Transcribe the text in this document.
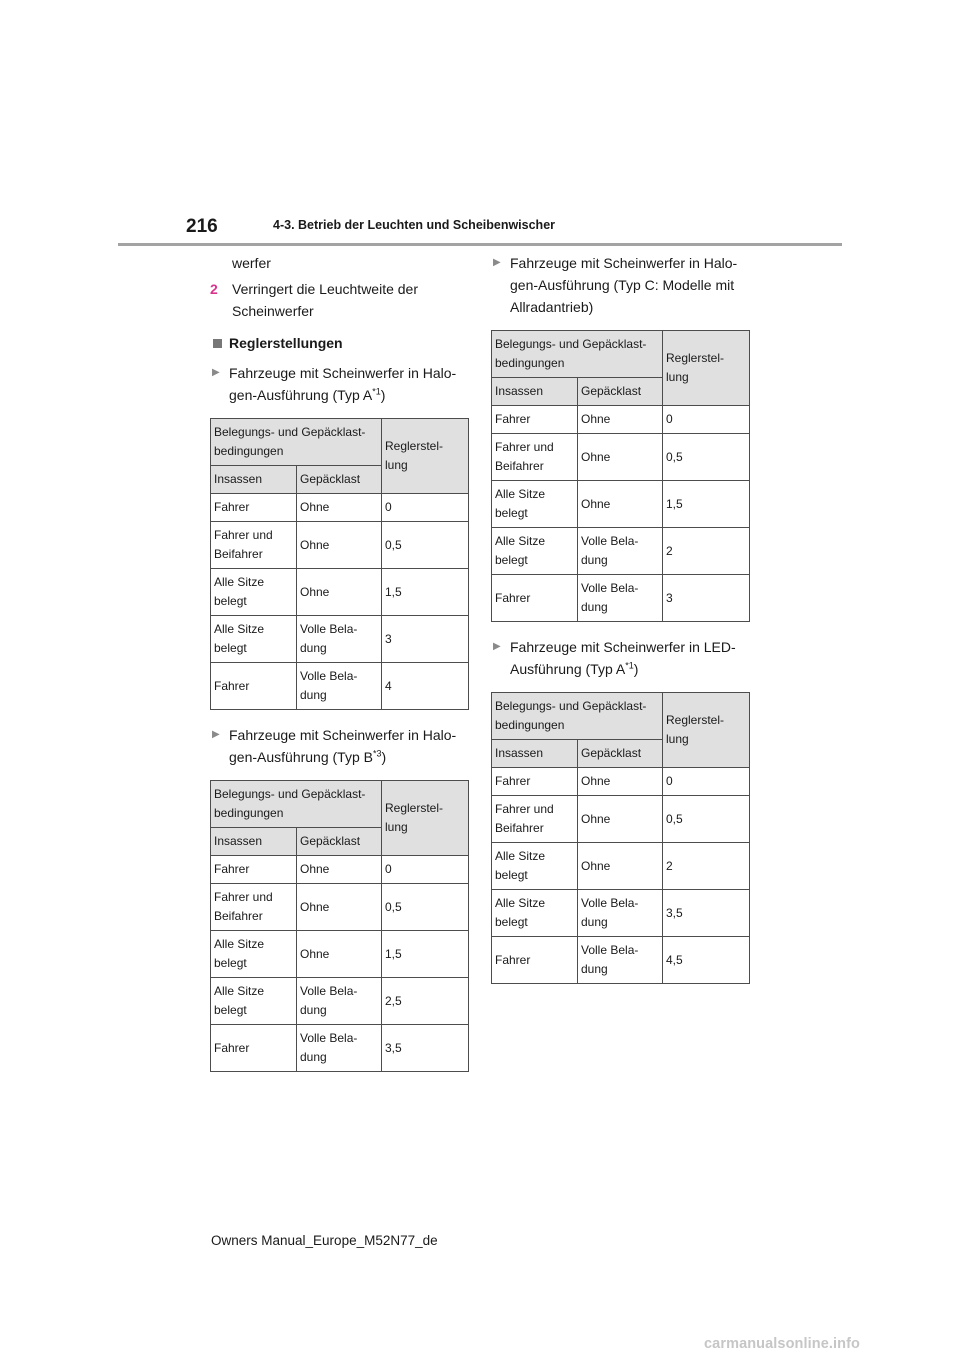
216	4-3. Betrieb der Leuchten und Scheibenwischer
werfer
2	Verringert die Leuchtweite der Scheinwerfer
Reglerstellungen
▶ Fahrzeuge mit Scheinwerfer in Halo-gen-Ausführung (Typ $A^{*1}$)
Belegungs- und Gepäcklast-bedingungen		Reglerstel-lung
Insassen	Gepäcklast	
Fahrer	Ohne	0
Fahrer und Beifahrer	Ohne	0,5
Alle Sitze belegt	Ohne	1,5
Alle Sitze belegt	Volle Bela-dung	3
Fahrer	Volle Bela-dung	4
▶ Fahrzeuge mit Scheinwerfer in Halo-gen-Ausführung (Typ $B^{*3}$)
Belegungs- und Gepäcklast-bedingungen		Reglerstel-lung
Insassen	Gepäcklast	
Fahrer	Ohne	0
Fahrer und Beifahrer	Ohne	0,5
Alle Sitze belegt	Ohne	1,5
Alle Sitze belegt	Volle Bela-dung	2,5
Fahrer	Volle Bela-dung	3,5
▶ Fahrzeuge mit Scheinwerfer in Halo-gen-Ausführung (Typ C: Modelle mit Allradantrieb)
Belegungs- und Gepäcklast-bedingungen		Reglerstel-lung
Insassen	Gepäcklast	
Fahrer	Ohne	0
Fahrer und Beifahrer	Ohne	0,5
Alle Sitze belegt	Ohne	1,5
Alle Sitze belegt	Volle Bela-dung	2
Fahrer	Volle Bela-dung	3
▶ Fahrzeuge mit Scheinwerfer in LED-Ausführung (Typ $A^{*1}$)
Belegungs- und Gepäcklast-bedingungen		Reglerstel-lung
Insassen	Gepäcklast	
Fahrer	Ohne	0
Fahrer und Beifahrer	Ohne	0,5
Alle Sitze belegt	Ohne	2
Alle Sitze belegt	Volle Bela-dung	3,5
Fahrer	Volle Bela-dung	4,5
Owners Manual_Europe_M52N77_de
carmanualsonline.info
